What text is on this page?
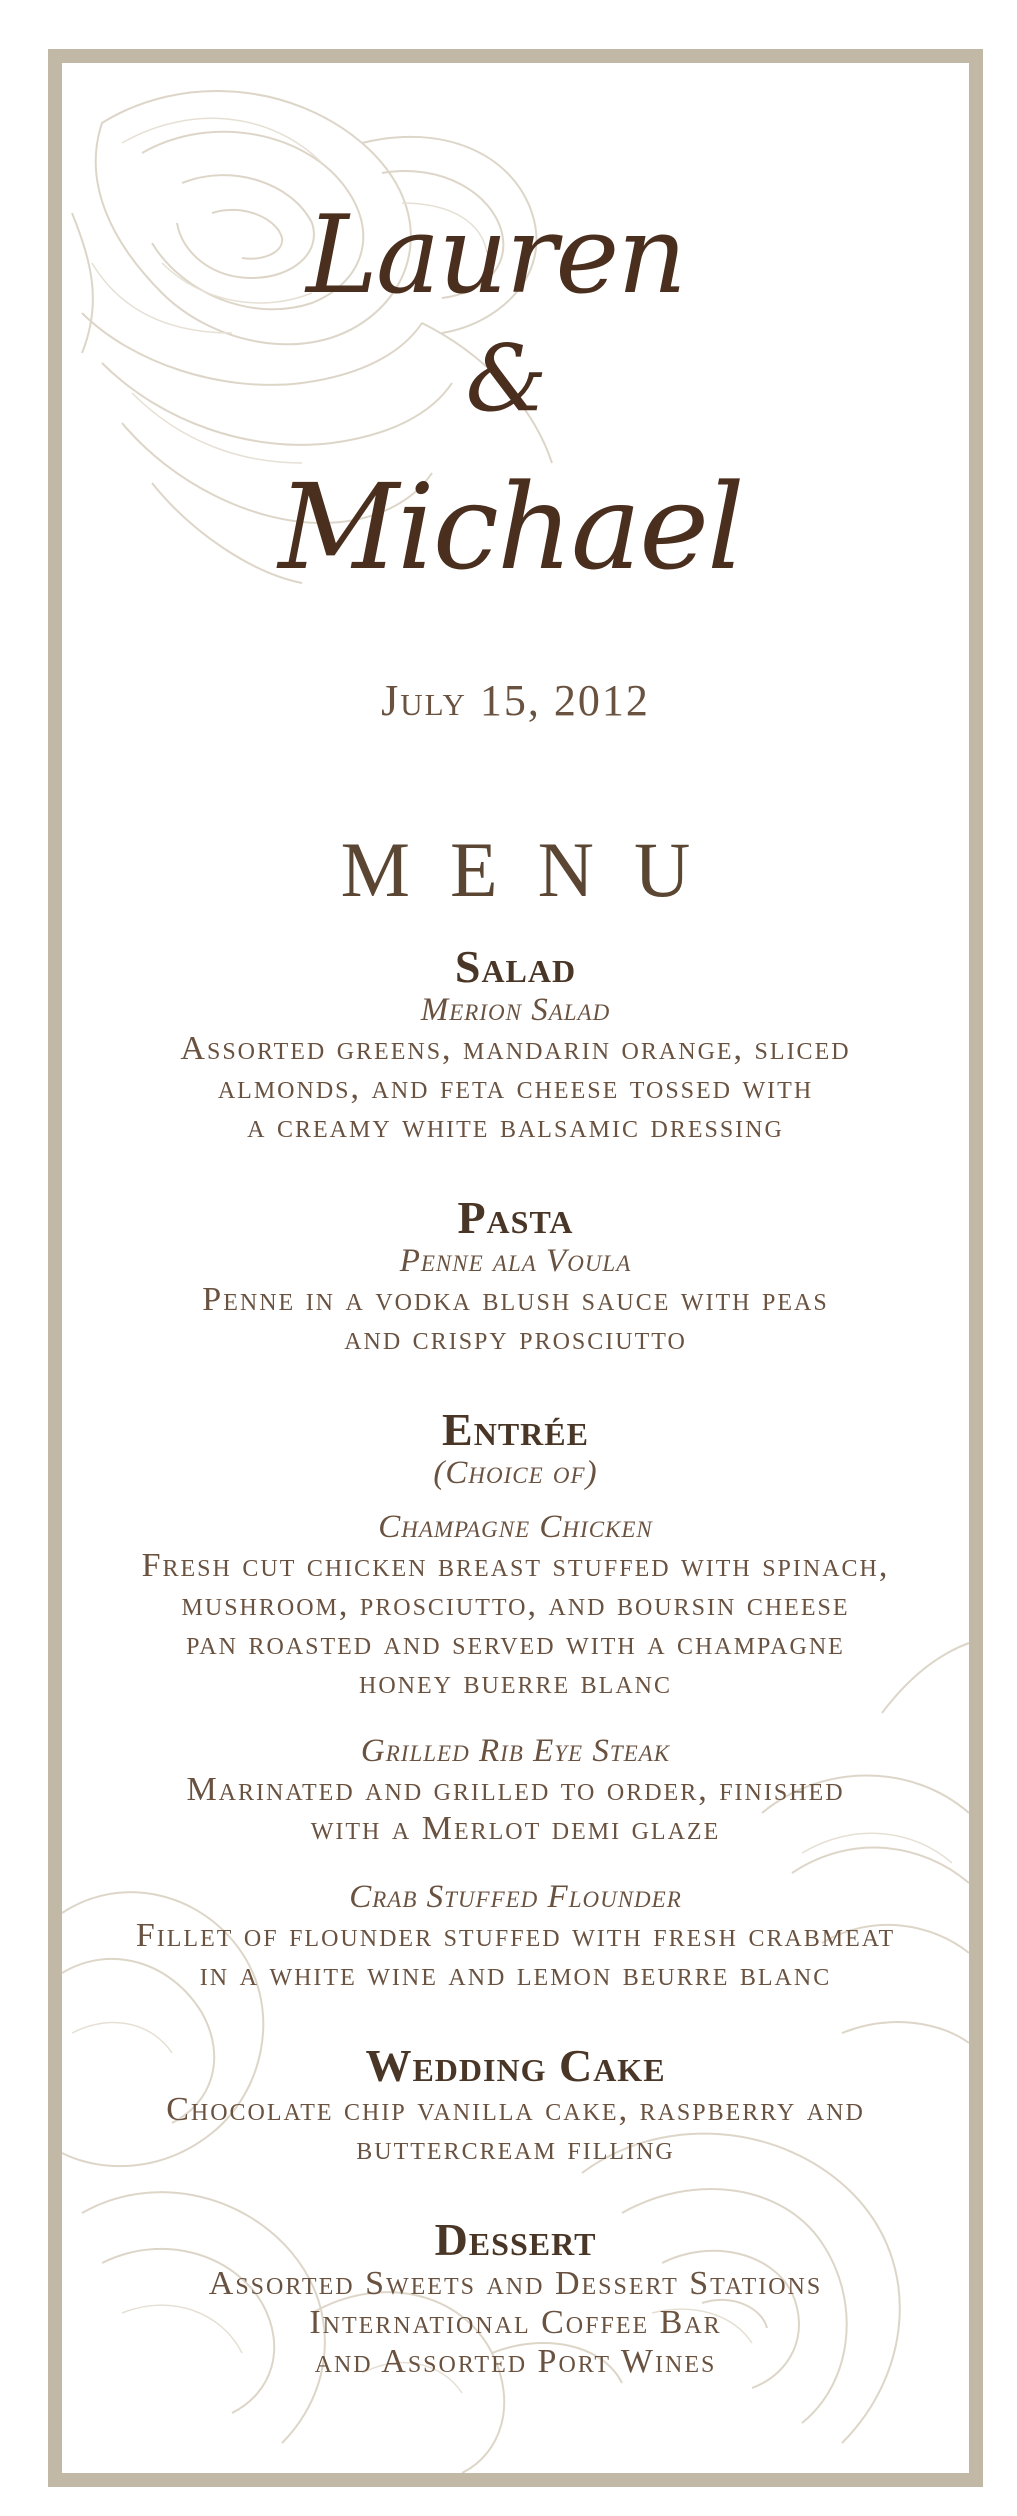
Lauren
&
Michael
July 15, 2012
MENU
Salad
Merion Salad
Assorted greens, mandarin orange, sliced
almonds, and feta cheese tossed with
a creamy white balsamic dressing
Pasta
Penne ala Voula
Penne in a vodka blush sauce with peas
and crispy prosciutto
Entrée
(Choice of)
Champagne Chicken
Fresh cut chicken breast stuffed with spinach,
mushroom, prosciutto, and boursin cheese
pan roasted and served with a champagne
honey buerre blanc
Grilled Rib Eye Steak
Marinated and grilled to order, finished
with a Merlot demi glaze
Crab Stuffed Flounder
Fillet of flounder stuffed with fresh crabmeat
in a white wine and lemon beurre blanc
Wedding Cake
Chocolate chip vanilla cake, raspberry and
buttercream filling
Dessert
Assorted Sweets and Dessert Stations
International Coffee Bar
and Assorted Port Wines
